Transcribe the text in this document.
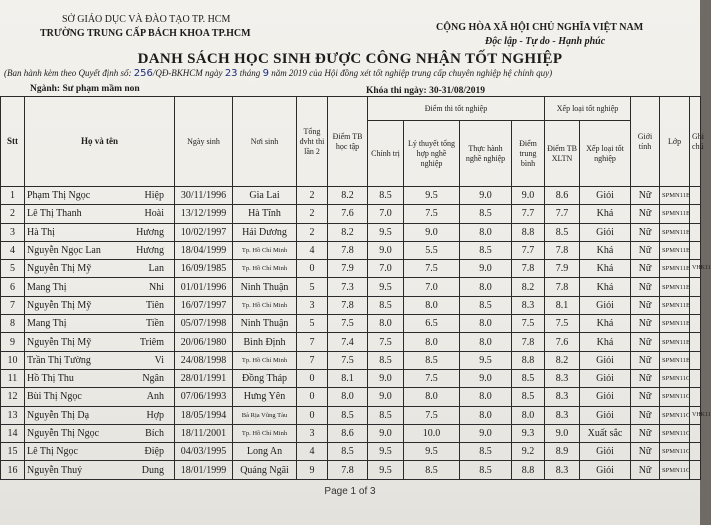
SỞ GIÁO DỤC VÀ ĐÀO TẠO TP. HCM
TRƯỜNG TRUNG CẤP BÁCH KHOA TP.HCM
CỘNG HÒA XÃ HỘI CHỦ NGHĨA VIỆT NAM
Độc lập - Tự do - Hạnh phúc
DANH SÁCH HỌC SINH ĐƯỢC CÔNG NHẬN TỐT NGHIỆP
(Ban hành kèm theo Quyết định số: 256/QĐ-BKHCM ngày 23 tháng 9 năm 2019 của Hội đồng xét tốt nghiệp trung cấp chuyên nghiệp hệ chính quy)
Ngành: Sư phạm mầm non	Khóa thi ngày: 30-31/08/2019
Stt	Họ và tên	Ngày sinh	Nơi sinh	Tổng đvht thi lần 2	Điểm TB học tập	Điểm thi tốt nghiệp				Xếp loại tốt nghiệp		Giới tính	Lớp	Ghi chú
						Chính trị	Lý thuyết tổng hợp nghề nghiệp	Thực hành nghề nghiệp	Điểm trung bình	Điểm TB XLTN	Xếp loại tốt nghiệp			
1	Phạm Thị Ngọc Hiệp	30/11/1996	Gia Lai	2	8.2	8.5	9.5	9.0	9.0	8.6	Giỏi	Nữ	SPMN11B	
2	Lê Thị Thanh Hoài	13/12/1999	Hà Tĩnh	2	7.6	7.0	7.5	8.5	7.7	7.7	Khá	Nữ	SPMN11B	
3	Hà Thị Hương	10/02/1997	Hải Dương	2	8.2	9.5	9.0	8.0	8.8	8.5	Giỏi	Nữ	SPMN11B	
4	Nguyễn Ngọc Lan Hương	18/04/1999	Tp. Hồ Chí Minh	4	7.8	9.0	5.5	8.5	7.7	7.8	Khá	Nữ	SPMN11B	
5	Nguyễn Thị Mỹ Lan	16/09/1985	Tp. Hồ Chí Minh	0	7.9	7.0	7.5	9.0	7.8	7.9	Khá	Nữ	SPMN11B	VHK11
6	Mang Thị Nhi	01/01/1996	Ninh Thuận	5	7.3	9.5	7.0	8.0	8.2	7.8	Khá	Nữ	SPMN11B	
7	Nguyễn Thị Mỹ Tiên	16/07/1997	Tp. Hồ Chí Minh	3	7.8	8.5	8.0	8.5	8.3	8.1	Giỏi	Nữ	SPMN11B	
8	Mang Thị Tiền	05/07/1998	Ninh Thuận	5	7.5	8.0	6.5	8.0	7.5	7.5	Khá	Nữ	SPMN11B	
9	Nguyễn Thị Mỹ Triêm	20/06/1980	Bình Định	7	7.4	7.5	8.0	8.0	7.8	7.6	Khá	Nữ	SPMN11B	
10	Trần Thị Tường Vi	24/08/1998	Tp. Hồ Chí Minh	7	7.5	8.5	8.5	9.5	8.8	8.2	Giỏi	Nữ	SPMN11B	
11	Hồ Thị Thu Ngân	28/01/1991	Đồng Tháp	0	8.1	9.0	7.5	9.0	8.5	8.3	Giỏi	Nữ	SPMN11C	
12	Bùi Thị Ngọc Anh	07/06/1993	Hưng Yên	0	8.0	9.0	8.0	8.0	8.5	8.3	Giỏi	Nữ	SPMN11C	
13	Nguyễn Thị Dạ Hợp	18/05/1994	Bà Rịa Vũng Tàu	0	8.5	8.5	7.5	8.0	8.0	8.3	Giỏi	Nữ	SPMN11C	VHK11
14	Nguyễn Thị Ngọc Bích	18/11/2001	Tp. Hồ Chí Minh	3	8.6	9.0	10.0	9.0	9.3	9.0	Xuất sắc	Nữ	SPMN11C	
15	Lê Thị Ngọc Điệp	04/03/1995	Long An	4	8.5	9.5	9.5	8.5	9.2	8.9	Giỏi	Nữ	SPMN11C	
16	Nguyễn Thuý Dung	18/01/1999	Quảng Ngãi	9	7.8	9.5	8.5	8.5	8.8	8.3	Giỏi	Nữ	SPMN11C	
Page 1 of 3
